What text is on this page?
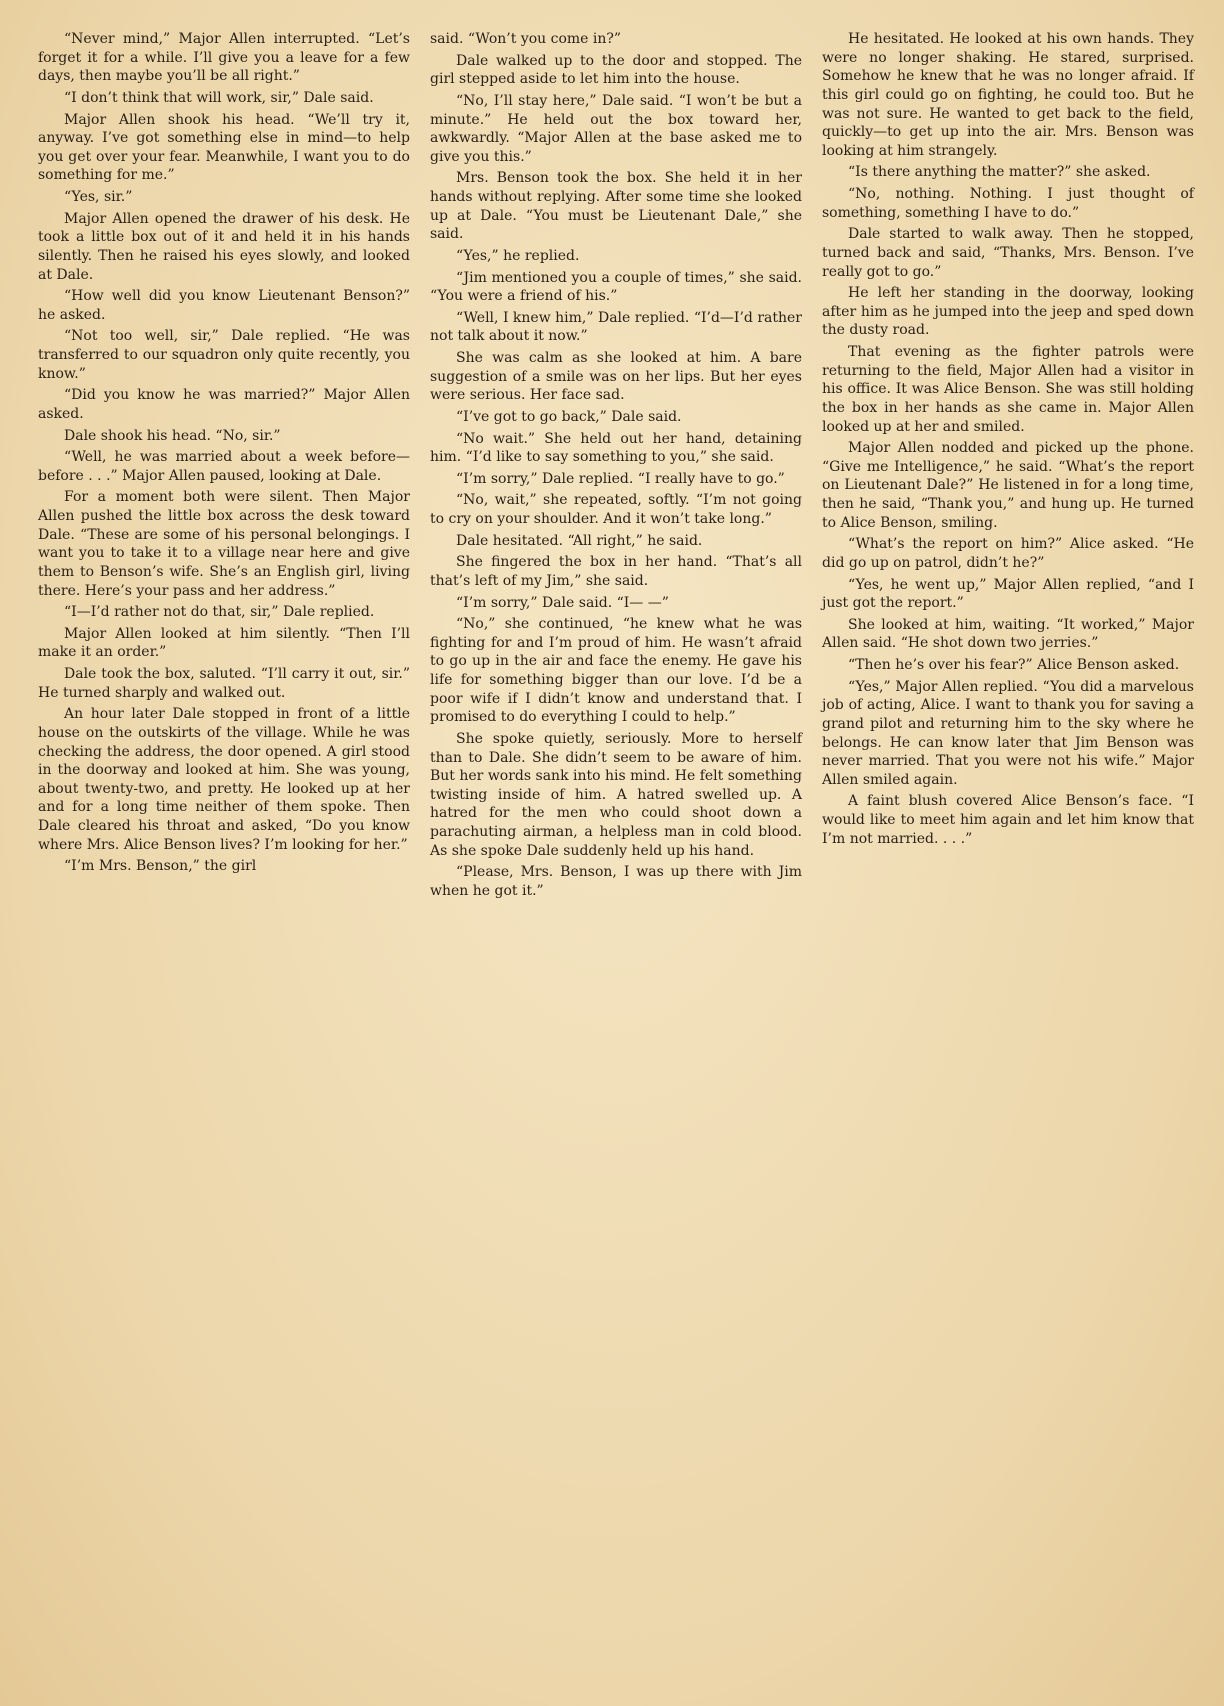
“Never mind,” Major Allen interrupted. “Let’s forget it for a while. I’ll give you a leave for a few days, then maybe you’ll be all right.”

“I don’t think that will work, sir,” Dale said.

Major Allen shook his head. “We’ll try it, anyway. I’ve got something else in mind—to help you get over your fear. Meanwhile, I want you to do something for me.”

“Yes, sir.”

Major Allen opened the drawer of his desk. He took a little box out of it and held it in his hands silently. Then he raised his eyes slowly, and looked at Dale.

“How well did you know Lieutenant Benson?” he asked.

“Not too well, sir,” Dale replied. “He was transferred to our squadron only quite recently, you know.”

“Did you know he was married?” Major Allen asked.

Dale shook his head. “No, sir.”

“Well, he was married about a week before—before . . .” Major Allen paused, looking at Dale.

For a moment both were silent. Then Major Allen pushed the little box across the desk toward Dale. “These are some of his personal belongings. I want you to take it to a village near here and give them to Benson’s wife. She’s an English girl, living there. Here’s your pass and her address.”

“I—I’d rather not do that, sir,” Dale replied.

Major Allen looked at him silently. “Then I’ll make it an order.”

Dale took the box, saluted. “I’ll carry it out, sir.” He turned sharply and walked out.

An hour later Dale stopped in front of a little house on the outskirts of the village. While he was checking the address, the door opened. A girl stood in the doorway and looked at him. She was young, about twenty-two, and pretty. He looked up at her and for a long time neither of them spoke. Then Dale cleared his throat and asked, “Do you know where Mrs. Alice Benson lives? I’m looking for her.”

“I’m Mrs. Benson,” the girl

said. “Won’t you come in?”

Dale walked up to the door and stopped. The girl stepped aside to let him into the house.

“No, I’ll stay here,” Dale said. “I won’t be but a minute.” He held out the box toward her, awkwardly. “Major Allen at the base asked me to give you this.”

Mrs. Benson took the box. She held it in her hands without replying. After some time she looked up at Dale. “You must be Lieutenant Dale,” she said.

“Yes,” he replied.

“Jim mentioned you a couple of times,” she said. “You were a friend of his.”

“Well, I knew him,” Dale replied. “I’d—I’d rather not talk about it now.”

She was calm as she looked at him. A bare suggestion of a smile was on her lips. But her eyes were serious. Her face sad.

“I’ve got to go back,” Dale said.

“No wait.” She held out her hand, detaining him. “I’d like to say something to you,” she said.

“I’m sorry,” Dale replied. “I really have to go.”

“No, wait,” she repeated, softly. “I’m not going to cry on your shoulder. And it won’t take long.”

Dale hesitated. “All right,” he said.

She fingered the box in her hand. “That’s all that’s left of my Jim,” she said.

“I’m sorry,” Dale said. “I— —”

“No,” she continued, “he knew what he was fighting for and I’m proud of him. He wasn’t afraid to go up in the air and face the enemy. He gave his life for something bigger than our love. I’d be a poor wife if I didn’t know and understand that. I promised to do everything I could to help.”

She spoke quietly, seriously. More to herself than to Dale. She didn’t seem to be aware of him. But her words sank into his mind. He felt something twisting inside of him. A hatred swelled up. A hatred for the men who could shoot down a parachuting airman, a helpless man in cold blood. As she spoke Dale suddenly held up his hand.

“Please, Mrs. Benson, I was up there with Jim when he got it.”

He hesitated. He looked at his own hands. They were no longer shaking. He stared, surprised. Somehow he knew that he was no longer afraid. If this girl could go on fighting, he could too. But he was not sure. He wanted to get back to the field, quickly—to get up into the air. Mrs. Benson was looking at him strangely.

“Is there anything the matter?” she asked.

“No, nothing. Nothing. I just thought of something, something I have to do.”

Dale started to walk away. Then he stopped, turned back and said, “Thanks, Mrs. Benson. I’ve really got to go.”

He left her standing in the doorway, looking after him as he jumped into the jeep and sped down the dusty road.

That evening as the fighter patrols were returning to the field, Major Allen had a visitor in his office. It was Alice Benson. She was still holding the box in her hands as she came in. Major Allen looked up at her and smiled.

Major Allen nodded and picked up the phone. “Give me Intelligence,” he said. “What’s the report on Lieutenant Dale?” He listened in for a long time, then he said, “Thank you,” and hung up. He turned to Alice Benson, smiling.

“What’s the report on him?” Alice asked. “He did go up on patrol, didn’t he?”

“Yes, he went up,” Major Allen replied, “and I just got the report.”

She looked at him, waiting. “It worked,” Major Allen said. “He shot down two jerries.”

“Then he’s over his fear?” Alice Benson asked.

“Yes,” Major Allen replied. “You did a marvelous job of acting, Alice. I want to thank you for saving a grand pilot and returning him to the sky where he belongs. He can know later that Jim Benson was never married. That you were not his wife.” Major Allen smiled again.

A faint blush covered Alice Benson’s face. “I would like to meet him again and let him know that I’m not married. . . .”
